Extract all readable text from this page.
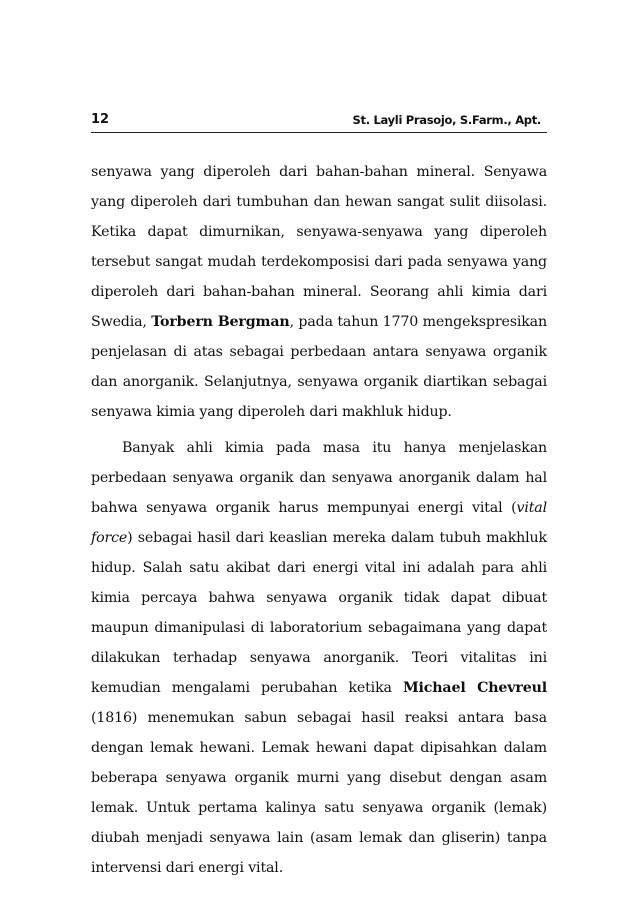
12	St. Layli Prasojo, S.Farm., Apt.

senyawa yang diperoleh dari bahan-bahan mineral. Senyawa yang diperoleh dari tumbuhan dan hewan sangat sulit diisolasi. Ketika dapat dimurnikan, senyawa-senyawa yang diperoleh tersebut sangat mudah terdekomposisi dari pada senyawa yang diperoleh dari bahan-bahan mineral. Seorang ahli kimia dari Swedia, Torbern Bergman, pada tahun 1770 mengekspresikan penjelasan di atas sebagai perbedaan antara senyawa organik dan anorganik. Selanjutnya, senyawa organik diartikan sebagai senyawa kimia yang diperoleh dari makhluk hidup.

Banyak ahli kimia pada masa itu hanya menjelaskan perbedaan senyawa organik dan senyawa anorganik dalam hal bahwa senyawa organik harus mempunyai energi vital (vital force) sebagai hasil dari keaslian mereka dalam tubuh makhluk hidup. Salah satu akibat dari energi vital ini adalah para ahli kimia percaya bahwa senyawa organik tidak dapat dibuat maupun dimanipulasi di laboratorium sebagaimana yang dapat dilakukan terhadap senyawa anorganik. Teori vitalitas ini kemudian mengalami perubahan ketika Michael Chevreul (1816) menemukan sabun sebagai hasil reaksi antara basa dengan lemak hewani. Lemak hewani dapat dipisahkan dalam beberapa senyawa organik murni yang disebut dengan asam lemak. Untuk pertama kalinya satu senyawa organik (lemak) diubah menjadi senyawa lain (asam lemak dan gliserin) tanpa intervensi dari energi vital.
